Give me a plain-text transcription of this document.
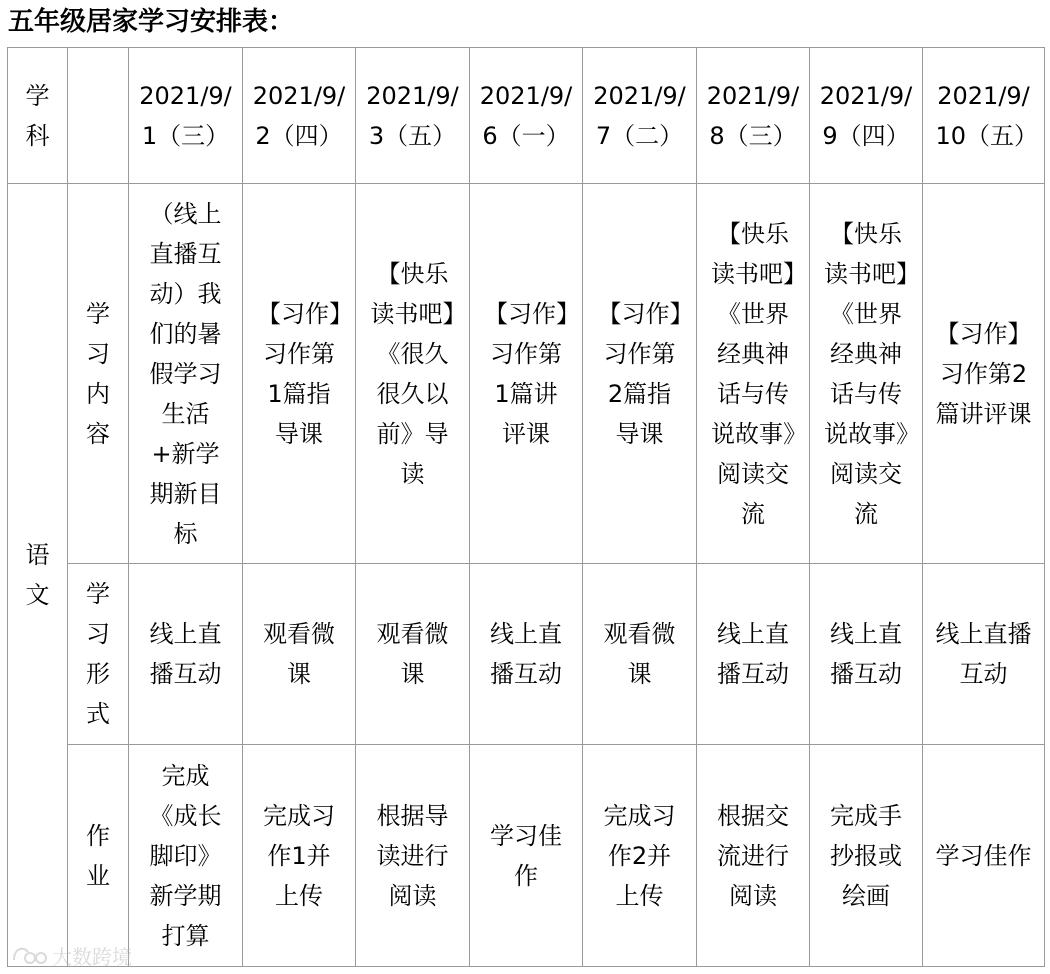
五年级居家学习安排表：
学科		2021/9/1（三）	2021/9/2（四）	2021/9/3（五）	2021/9/6（一）	2021/9/7（二）	2021/9/8（三）	2021/9/9（四）	2021/9/10（五）

语文	学习内容	（线上直播互动）我们的暑假学习生活+新学期新目标	【习作】习作第1篇指导课	【快乐读书吧】《很久很久以前》导读	【习作】习作第1篇讲评课	【习作】习作第2篇指导课	【快乐读书吧】《世界经典神话与传说故事》阅读交流	【快乐读书吧】《世界经典神话与传说故事》阅读交流	【习作】习作第2篇讲评课

	学习形式	线上直播互动	观看微课	观看微课	线上直播互动	观看微课	线上直播互动	线上直播互动	线上直播互动

	作业	完成《成长脚印》新学期打算	完成习作1并上传	根据导读进行阅读	学习佳作	完成习作2并上传	根据交流进行阅读	完成手抄报或绘画	学习佳作
大数跨境
